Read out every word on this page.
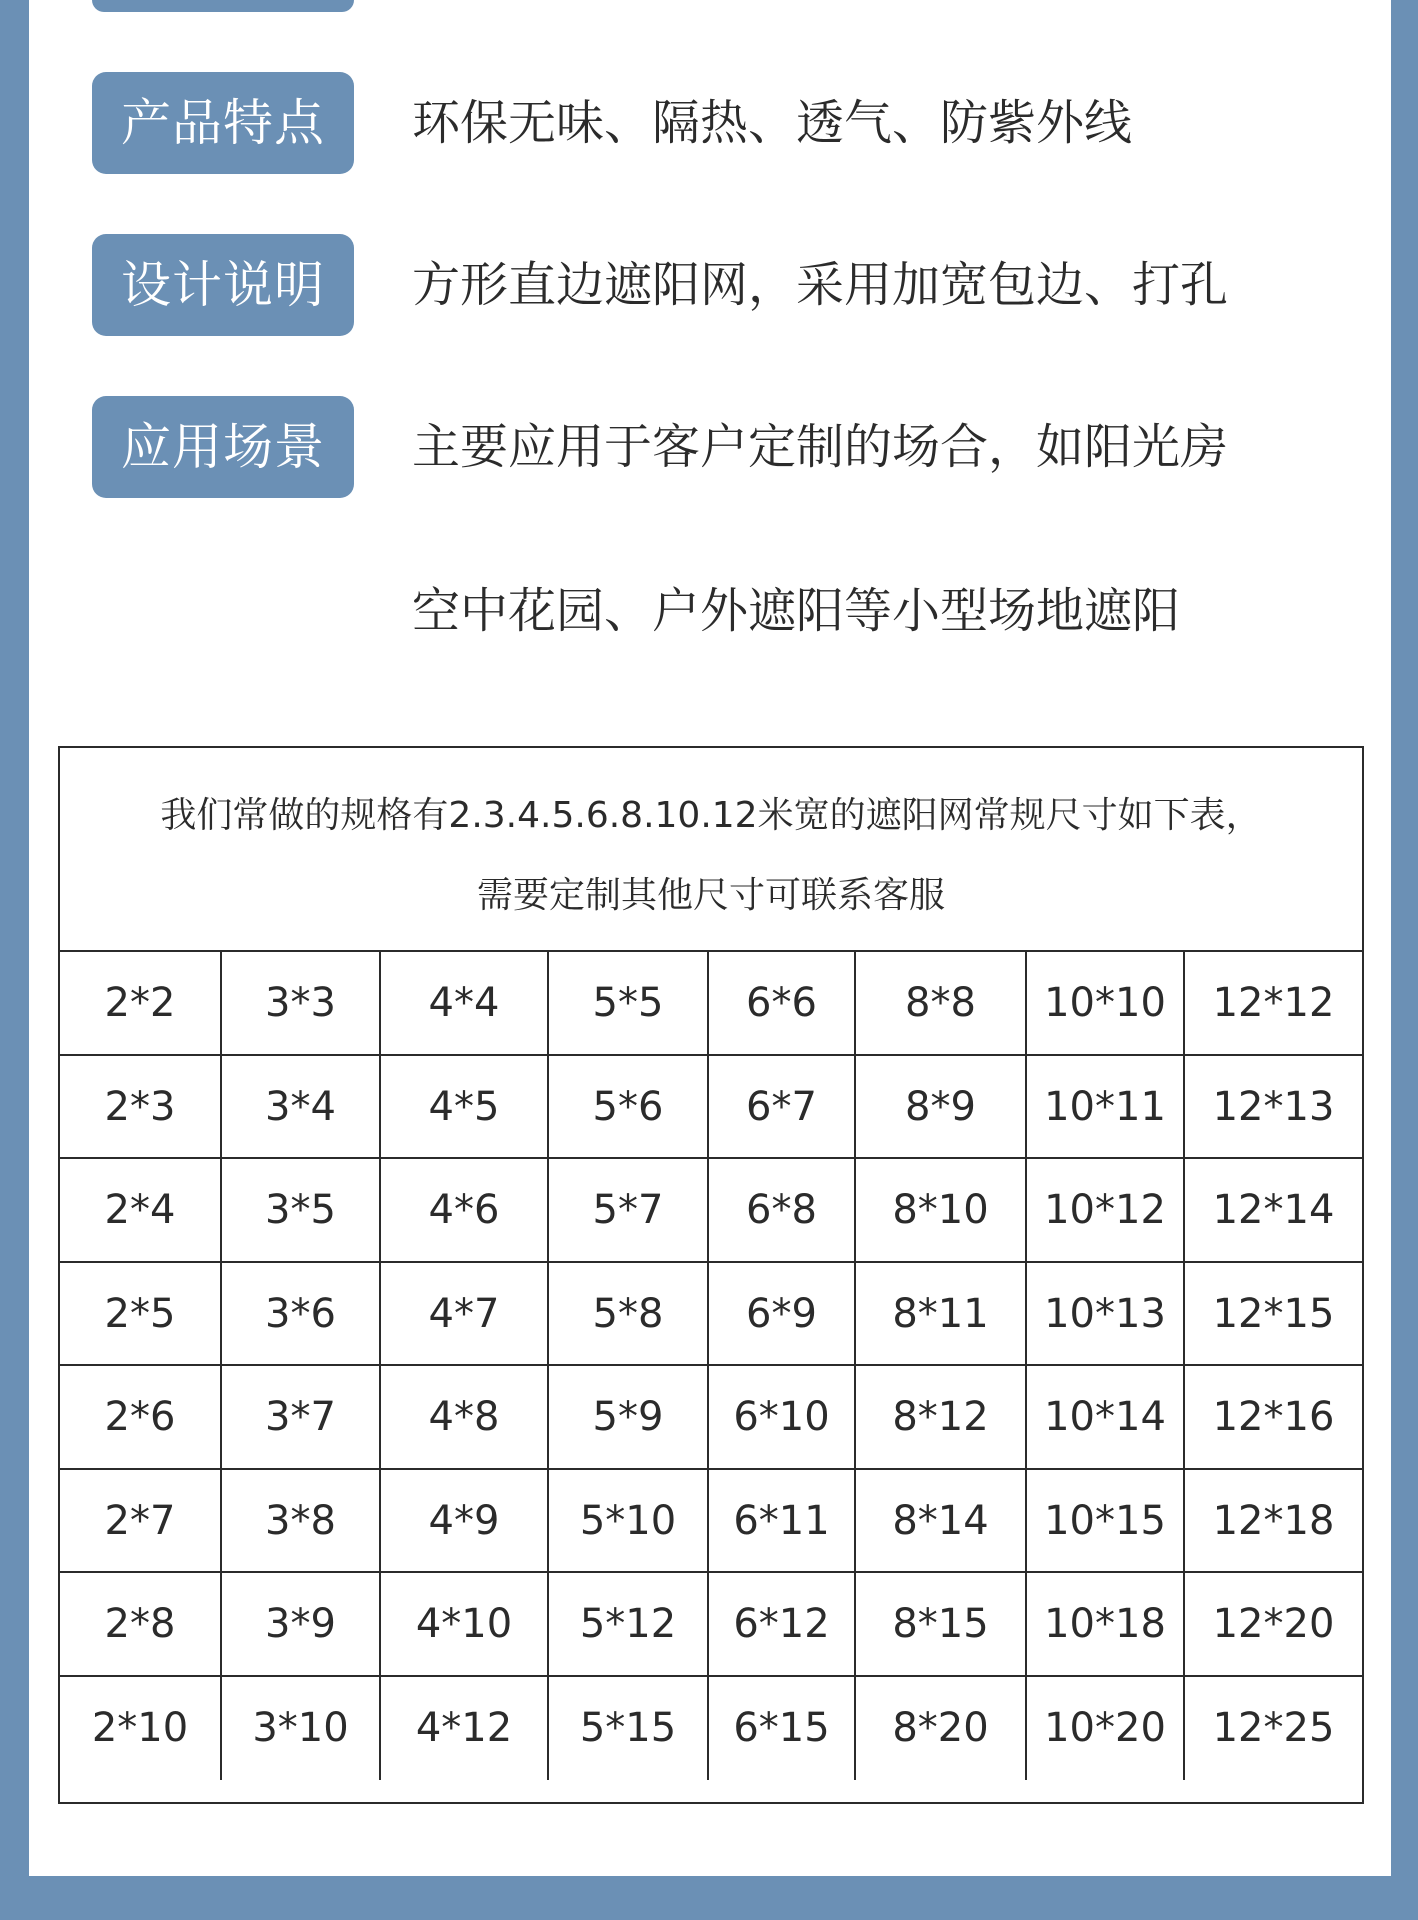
产品特点	环保无味、隔热、透气、防紫外线
设计说明	方形直边遮阳网，采用加宽包边、打孔
应用场景	主要应用于客户定制的场合，如阳光房
空中花园、户外遮阳等小型场地遮阳
我们常做的规格有2.3.4.5.6.8.10.12米宽的遮阳网常规尺寸如下表，
需要定制其他尺寸可联系客服
2*2	3*3	4*4	5*5	6*6	8*8	10*10	12*12
2*3	3*4	4*5	5*6	6*7	8*9	10*11	12*13
2*4	3*5	4*6	5*7	6*8	8*10	10*12	12*14
2*5	3*6	4*7	5*8	6*9	8*11	10*13	12*15
2*6	3*7	4*8	5*9	6*10	8*12	10*14	12*16
2*7	3*8	4*9	5*10	6*11	8*14	10*15	12*18
2*8	3*9	4*10	5*12	6*12	8*15	10*18	12*20
2*10	3*10	4*12	5*15	6*15	8*20	10*20	12*25
